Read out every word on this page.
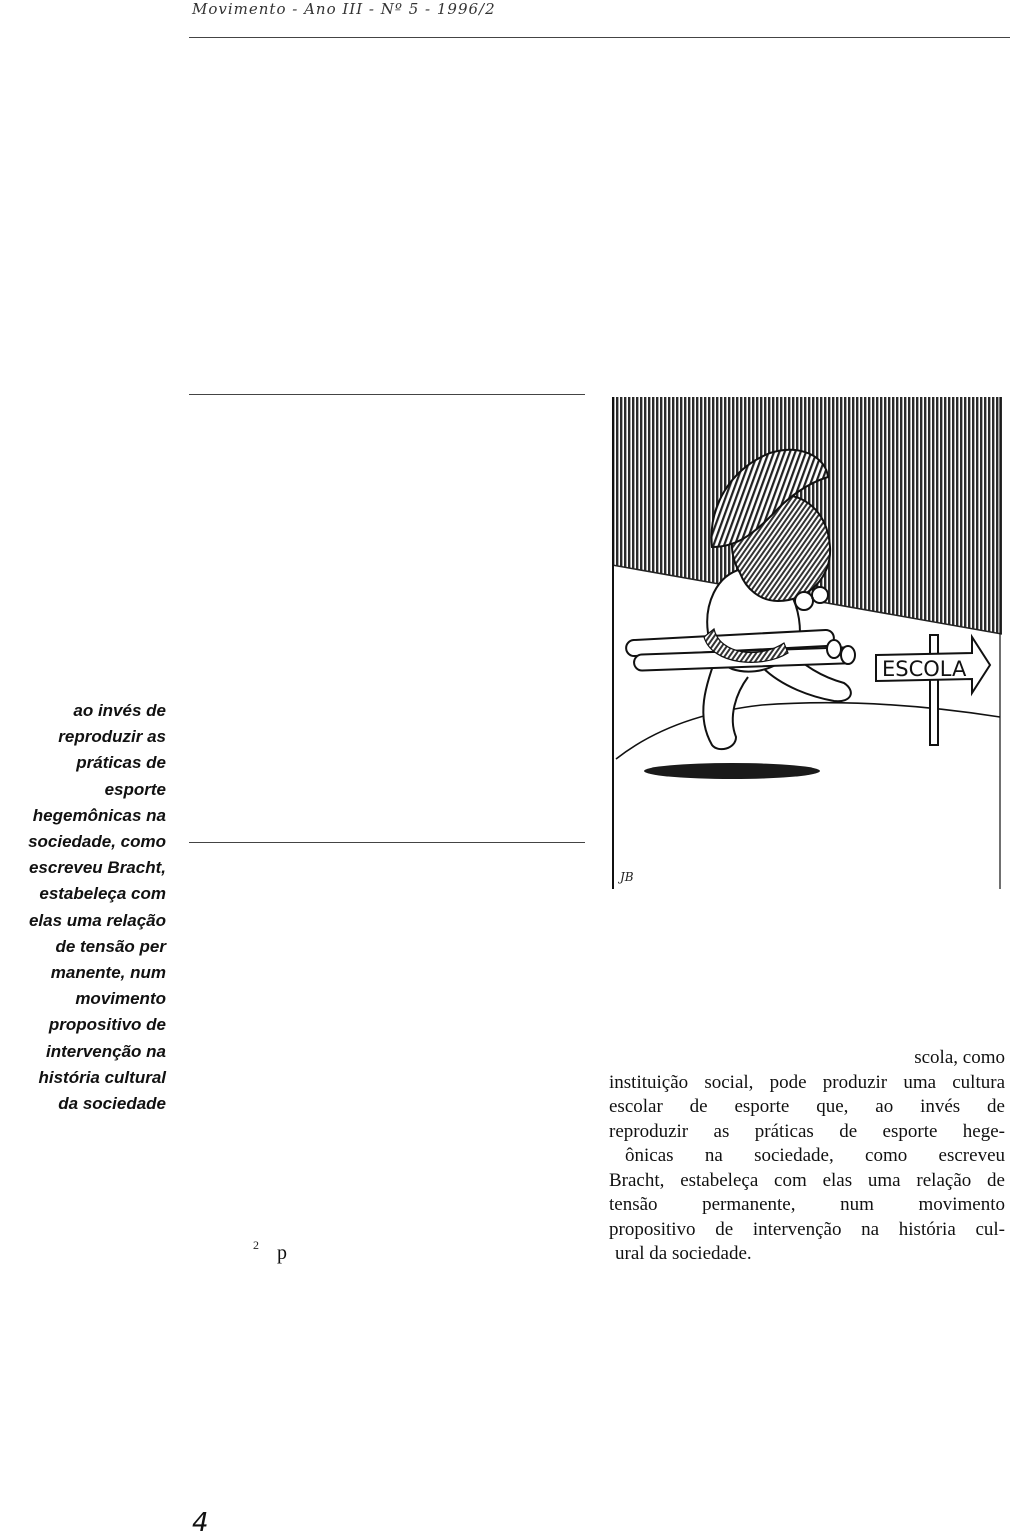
Movimento - Ano III - Nº 5 - 1996/2
ao invés de
reproduzir as
práticas de
esporte
hegemônicas na
sociedade, como
escreveu Bracht,
estabeleça com
elas uma relação
de tensão per
manente, num
movimento
propositivo de
intervenção na
história cultural
da sociedade
ESCOLA
JB
scola, como
instituição social, pode produzir uma cultura
escolar de esporte que, ao invés de
reproduzir as práticas de esporte hege-
ônicas na sociedade, como escreveu
Bracht, estabeleça com elas uma relação de
tensão permanente, num movimento
propositivo de intervenção na história cul-
ural da sociedade.
2 p
4
